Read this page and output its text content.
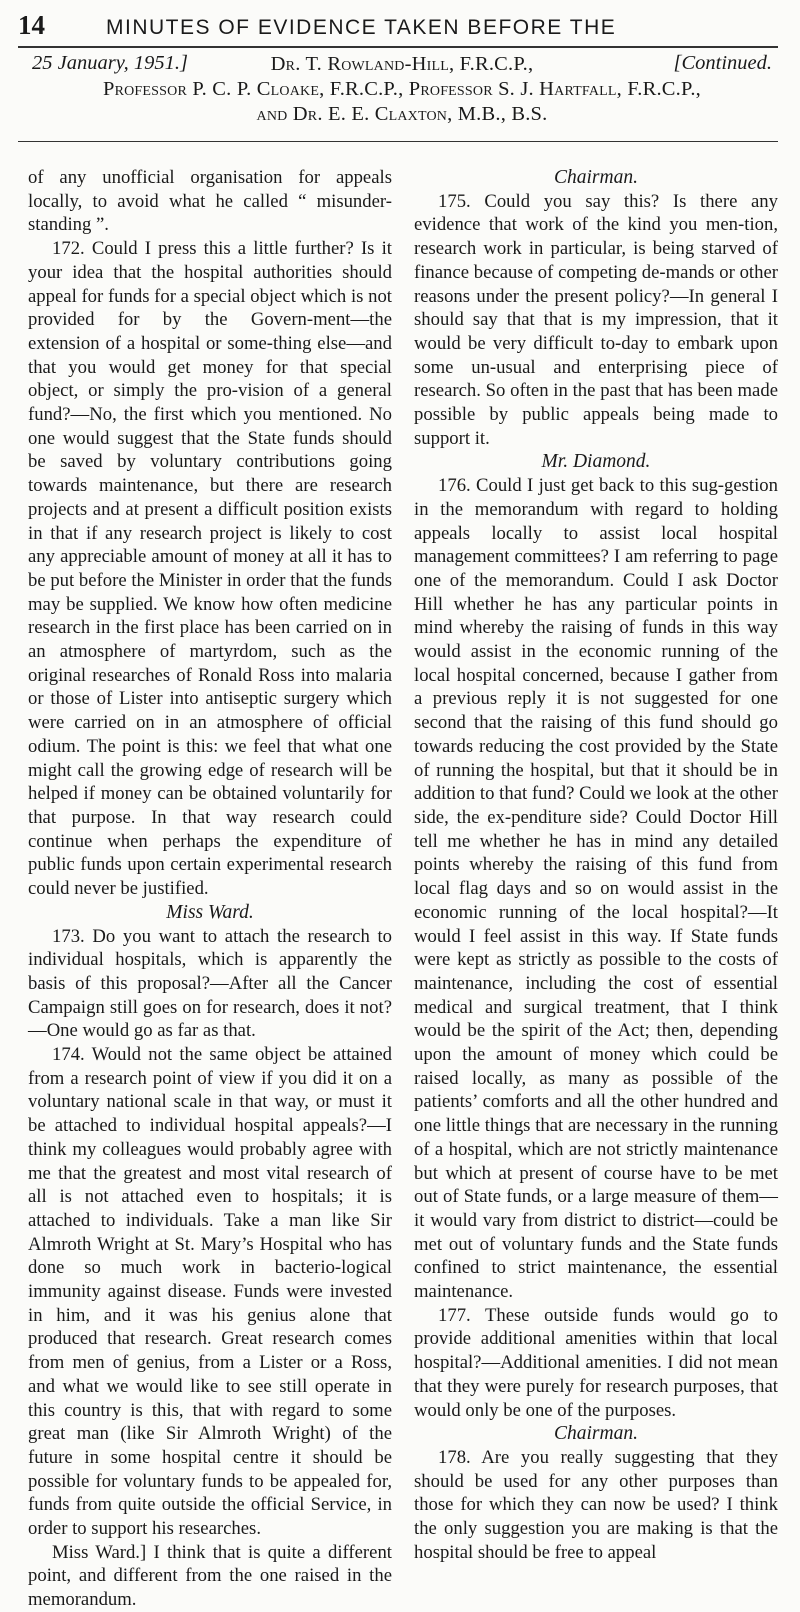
14	MINUTES OF EVIDENCE TAKEN BEFORE THE
Dr. T. Rowland-Hill, F.R.C.P.,
Professor P. C. P. Cloake, F.R.C.P., Professor S. J. Hartfall, F.R.C.P.,
and Dr. E. E. Claxton, M.B., B.S.
25 January, 1951.]	[Continued.

of any unofficial organisation for appeals locally, to avoid what he called “ misunder-standing ”.

172. Could I press this a little further? Is it your idea that the hospital authorities should appeal for funds for a special object which is not provided for by the Govern-ment—the extension of a hospital or some-thing else—and that you would get money for that special object, or simply the pro-vision of a general fund?—No, the first which you mentioned. No one would suggest that the State funds should be saved by voluntary contributions going towards maintenance, but there are research projects and at present a difficult position exists in that if any research project is likely to cost any appreciable amount of money at all it has to be put before the Minister in order that the funds may be supplied. We know how often medicine research in the first place has been carried on in an atmosphere of martyrdom, such as the original researches of Ronald Ross into malaria or those of Lister into antiseptic surgery which were carried on in an atmosphere of official odium. The point is this: we feel that what one might call the growing edge of research will be helped if money can be obtained voluntarily for that purpose. In that way research could continue when perhaps the expenditure of public funds upon certain experimental research could never be justified.

Miss Ward.

173. Do you want to attach the research to individual hospitals, which is apparently the basis of this proposal?—After all the Cancer Campaign still goes on for research, does it not?—One would go as far as that.

174. Would not the same object be attained from a research point of view if you did it on a voluntary national scale in that way, or must it be attached to individual hospital appeals?—I think my colleagues would probably agree with me that the greatest and most vital research of all is not attached even to hospitals; it is attached to individuals. Take a man like Sir Almroth Wright at St. Mary’s Hospital who has done so much work in bacterio-logical immunity against disease. Funds were invested in him, and it was his genius alone that produced that research. Great research comes from men of genius, from a Lister or a Ross, and what we would like to see still operate in this country is this, that with regard to some great man (like Sir Almroth Wright) of the future in some hospital centre it should be possible for voluntary funds to be appealed for, funds from quite outside the official Service, in order to support his researches.

Miss Ward.] I think that is quite a different point, and different from the one raised in the memorandum.

Chairman.

175. Could you say this? Is there any evidence that work of the kind you men-tion, research work in particular, is being starved of finance because of competing de-mands or other reasons under the present policy?—In general I should say that that is my impression, that it would be very difficult to-day to embark upon some un-usual and enterprising piece of research. So often in the past that has been made possible by public appeals being made to support it.

Mr. Diamond.

176. Could I just get back to this sug-gestion in the memorandum with regard to holding appeals locally to assist local hospital management committees? I am referring to page one of the memorandum. Could I ask Doctor Hill whether he has any particular points in mind whereby the raising of funds in this way would assist in the economic running of the local hospital concerned, because I gather from a previous reply it is not suggested for one second that the raising of this fund should go towards reducing the cost provided by the State of running the hospital, but that it should be in addition to that fund? Could we look at the other side, the ex-penditure side? Could Doctor Hill tell me whether he has in mind any detailed points whereby the raising of this fund from local flag days and so on would assist in the economic running of the local hospital?—It would I feel assist in this way. If State funds were kept as strictly as possible to the costs of maintenance, including the cost of essential medical and surgical treatment, that I think would be the spirit of the Act; then, depending upon the amount of money which could be raised locally, as many as possible of the patients’ comforts and all the other hundred and one little things that are necessary in the running of a hospital, which are not strictly maintenance but which at present of course have to be met out of State funds, or a large measure of them—it would vary from district to district—could be met out of voluntary funds and the State funds confined to strict maintenance, the essential maintenance.

177. These outside funds would go to provide additional amenities within that local hospital?—Additional amenities. I did not mean that they were purely for research purposes, that would only be one of the purposes.

Chairman.

178. Are you really suggesting that they should be used for any other purposes than those for which they can now be used? I think the only suggestion you are making is that the hospital should be free to appeal
